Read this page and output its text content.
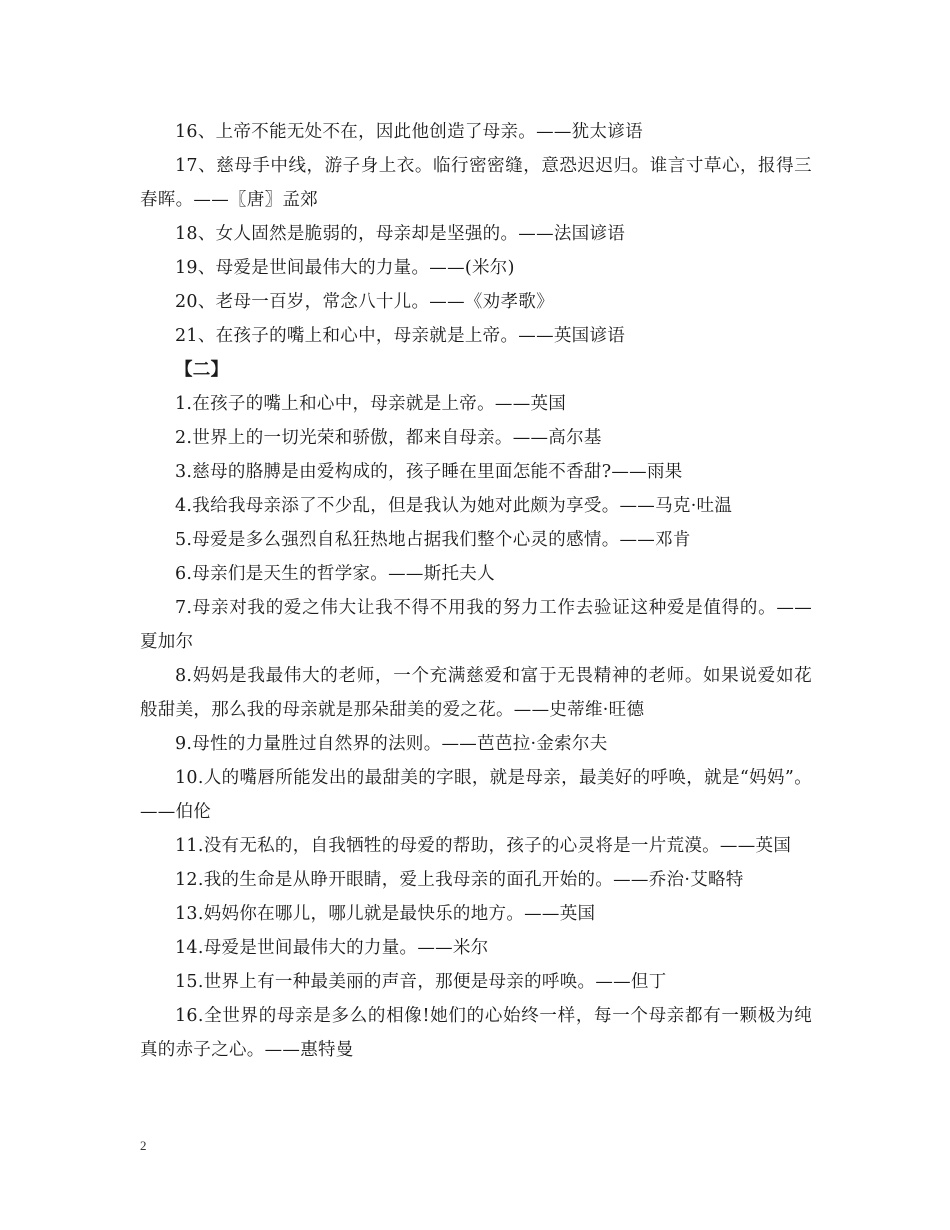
16、上帝不能无处不在，因此他创造了母亲。——犹太谚语

17、慈母手中线，游子身上衣。临行密密缝，意恐迟迟归。谁言寸草心，报得三春晖。——〖唐〗孟郊

18、女人固然是脆弱的，母亲却是坚强的。——法国谚语

19、母爱是世间最伟大的力量。——(米尔)

20、老母一百岁，常念八十儿。——《劝孝歌》

21、在孩子的嘴上和心中，母亲就是上帝。——英国谚语

【二】

1.在孩子的嘴上和心中，母亲就是上帝。——英国

2.世界上的一切光荣和骄傲，都来自母亲。——高尔基

3.慈母的胳膊是由爱构成的，孩子睡在里面怎能不香甜?——雨果

4.我给我母亲添了不少乱，但是我认为她对此颇为享受。——马克·吐温

5.母爱是多么强烈自私狂热地占据我们整个心灵的感情。——邓肯

6.母亲们是天生的哲学家。——斯托夫人

7.母亲对我的爱之伟大让我不得不用我的努力工作去验证这种爱是值得的。——夏加尔

8.妈妈是我最伟大的老师，一个充满慈爱和富于无畏精神的老师。如果说爱如花般甜美，那么我的母亲就是那朵甜美的爱之花。——史蒂维·旺德

9.母性的力量胜过自然界的法则。——芭芭拉·金索尔夫

10.人的嘴唇所能发出的最甜美的字眼，就是母亲，最美好的呼唤，就是“妈妈”。——伯伦

11.没有无私的，自我牺牲的母爱的帮助，孩子的心灵将是一片荒漠。——英国

12.我的生命是从睁开眼睛，爱上我母亲的面孔开始的。——乔治·艾略特

13.妈妈你在哪儿，哪儿就是最快乐的地方。——英国

14.母爱是世间最伟大的力量。——米尔

15.世界上有一种最美丽的声音，那便是母亲的呼唤。——但丁

16.全世界的母亲是多么的相像!她们的心始终一样，每一个母亲都有一颗极为纯真的赤子之心。——惠特曼

2
